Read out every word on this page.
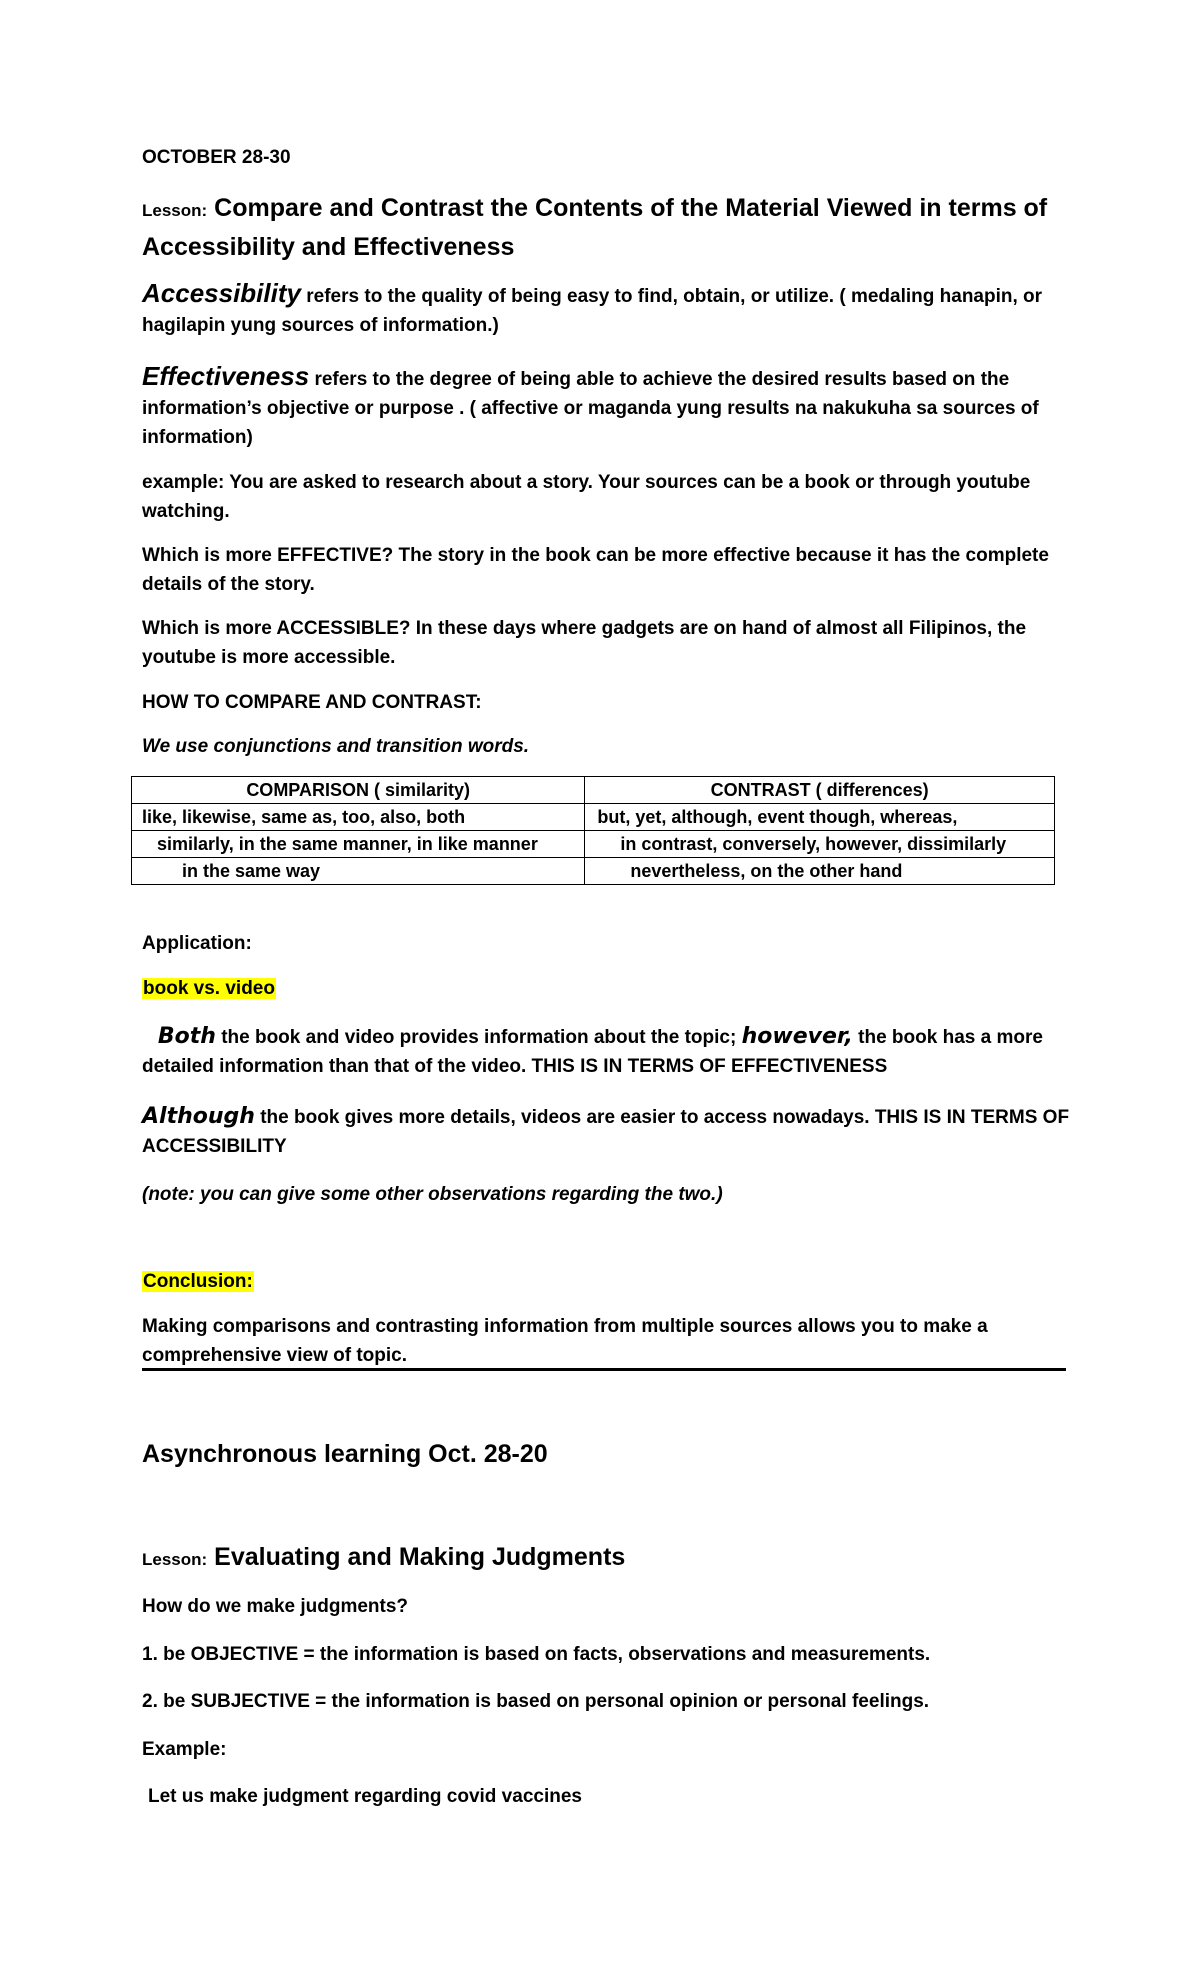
OCTOBER 28-30
Lesson: Compare and Contrast the Contents of the Material Viewed in terms of
Accessibility and Effectiveness
Accessibility refers to the quality of being easy to find, obtain, or utilize. ( medaling hanapin, or
hagilapin yung sources of information.)
Effectiveness refers to the degree of being able to achieve the desired results based on the
information’s objective or purpose . ( affective or maganda yung results na nakukuha sa sources of
information)
example: You are asked to research about a story. Your sources can be a book or through youtube
watching.
Which is more EFFECTIVE? The story in the book can be more effective because it has the complete
details of the story.
Which is more ACCESSIBLE? In these days where gadgets are on hand of almost all Filipinos, the
youtube is more accessible.
HOW TO COMPARE AND CONTRAST:
We use conjunctions and transition words.
COMPARISON ( similarity)	CONTRAST ( differences)
like, likewise, same as, too, also, both	but, yet, although, event though, whereas,
similarly, in the same manner, in like manner	in contrast, conversely, however, dissimilarly
in the same way	nevertheless, on the other hand
Application:
book vs. video
Both the book and video provides information about the topic; however, the book has a more
detailed information than that of the video. THIS IS IN TERMS OF EFFECTIVENESS
Although the book gives more details, videos are easier to access nowadays. THIS IS IN TERMS OF
ACCESSIBILITY
(note: you can give some other observations regarding the two.)
Conclusion:
Making comparisons and contrasting information from multiple sources allows you to make a
comprehensive view of topic.
Asynchronous learning Oct. 28-20
Lesson: Evaluating and Making Judgments
How do we make judgments?
1. be OBJECTIVE = the information is based on facts, observations and measurements.
2. be SUBJECTIVE = the information is based on personal opinion or personal feelings.
Example:
Let us make judgment regarding covid vaccines
